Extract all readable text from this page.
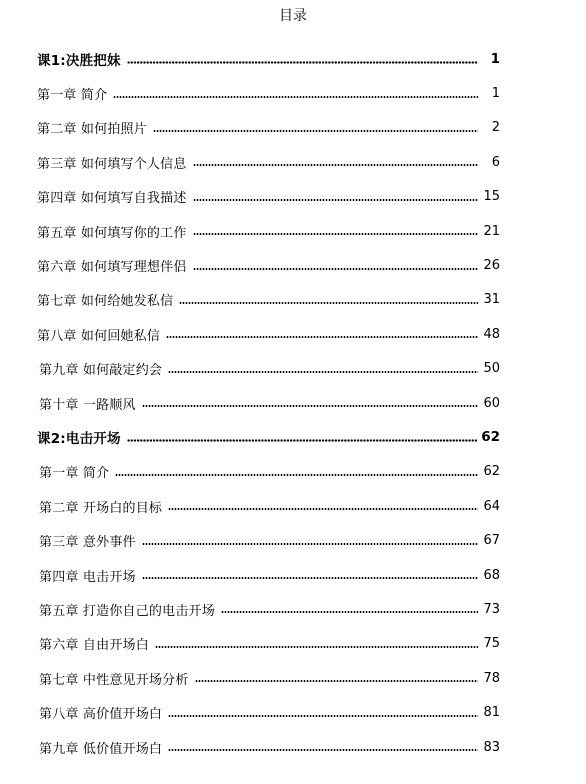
目录
课1:决胜把妹	1
第一章 简介	1
第二章 如何拍照片	2
第三章 如何填写个人信息	6
第四章 如何填写自我描述	15
第五章 如何填写你的工作	21
第六章 如何填写理想伴侣	26
第七章 如何给她发私信	31
第八章 如何回她私信	48
第九章 如何敲定约会	50
第十章 一路顺风	60
课2:电击开场	62
第一章 简介	62
第二章 开场白的目标	64
第三章 意外事件	67
第四章 电击开场	68
第五章 打造你自己的电击开场	73
第六章 自由开场白	75
第七章 中性意见开场分析	78
第八章 高价值开场白	81
第九章 低价值开场白	83
